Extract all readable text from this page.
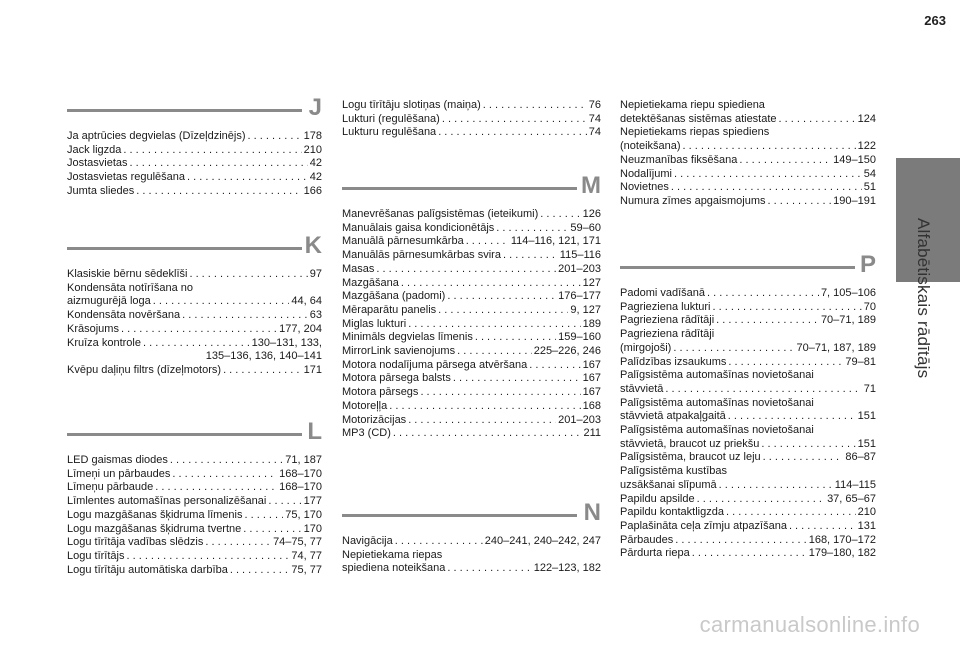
263
Alfabētiskais rādītājs
J
Ja aptrūcies degvielas (Dīzeļdzinējs) . . .	178
Jack ligzda . . .	210
Jostasvietas . . .	42
Jostasvietas regulēšana . . .	42
Jumta sliedes . . .	166
K
Klasiskie bērnu sēdeklīši . . .	97
Kondensāta notīrīšana no
aizmugurējā loga . . .	44, 64
Kondensāta novēršana . . .	63
Krāsojums . . .	177, 204
Kruīza kontrole . . .	130–131, 133,
135–136, 136, 140–141
Kvēpu daļiņu filtrs (dīzeļmotors) . . .	171
L
LED gaismas diodes . . .	71, 187
Līmeņi un pārbaudes . . .	168–170
Līmeņu pārbaude . . .	168–170
Līmlentes automašīnas personalizēšanai . . .	177
Logu mazgāšanas šķidruma līmenis . . .	75, 170
Logu mazgāšanas šķidruma tvertne . . .	170
Logu tīrītāja vadības slēdzis . . .	74–75, 77
Logu tīrītājs . . .	74, 77
Logu tīrītāju automātiska darbība . . .	75, 77
Logu tīrītāju slotiņas (maiņa) . . .	76
Lukturi (regulēšana) . . .	74
Lukturu regulēšana . . .	74
M
Manevrēšanas palīgsistēmas (ieteikumi) . . .	126
Manuālais gaisa kondicionētājs . . .	59–60
Manuālā pārnesumkārba . . .	114–116, 121, 171
Manuālās pārnesumkārbas svira . . .	115–116
Masas . . .	201–203
Mazgāšana . . .	127
Mazgāšana (padomi) . . .	176–177
Mēraparātu panelis . . .	9, 127
Miglas lukturi . . .	189
Minimāls degvielas līmenis . . .	159–160
MirrorLink savienojums . . .	225–226, 246
Motora nodalījuma pārsega atvēršana . . .	167
Motora pārsega balsts . . .	167
Motora pārsegs . . .	167
Motoreļļa . . .	168
Motorizācijas . . .	201–203
MP3 (CD) . . .	211
N
Navigācija . . .	240–241, 240–242, 247
Nepietiekama riepas
spiediena noteikšana . . .	122–123, 182
Nepietiekama riepu spiediena
detektēšanas sistēmas atiestate . . .	124
Nepietiekams riepas spiediens
(noteikšana) . . .	122
Neuzmanības fiksēšana . . .	149–150
Nodalījumi . . .	54
Novietnes . . .	51
Numura zīmes apgaismojums . . .	190–191
P
Padomi vadīšanā . . .	7, 105–106
Pagrieziena lukturi . . .	70
Pagrieziena rādītāji . . .	70–71, 189
Pagrieziena rādītāji
(mirgojoši) . . .	70–71, 187, 189
Palīdzības izsaukums . . .	79–81
Palīgsistēma automašīnas novietošanai
stāvvietā . . .	71
Palīgsistēma automašīnas novietošanai
stāvvietā atpakaļgaitā . . .	151
Palīgsistēma automašīnas novietošanai
stāvvietā, braucot uz priekšu . . .	151
Palīgsistēma, braucot uz leju . . .	86–87
Palīgsistēma kustības
uzsākšanai slīpumā . . .	114–115
Papildu apsilde . . .	37, 65–67
Papildu kontaktligzda . . .	210
Paplašināta ceļa zīmju atpazīšana . . .	131
Pārbaudes . . .	168, 170–172
Pārdurta riepa . . .	179–180, 182
carmanualsonline.info
